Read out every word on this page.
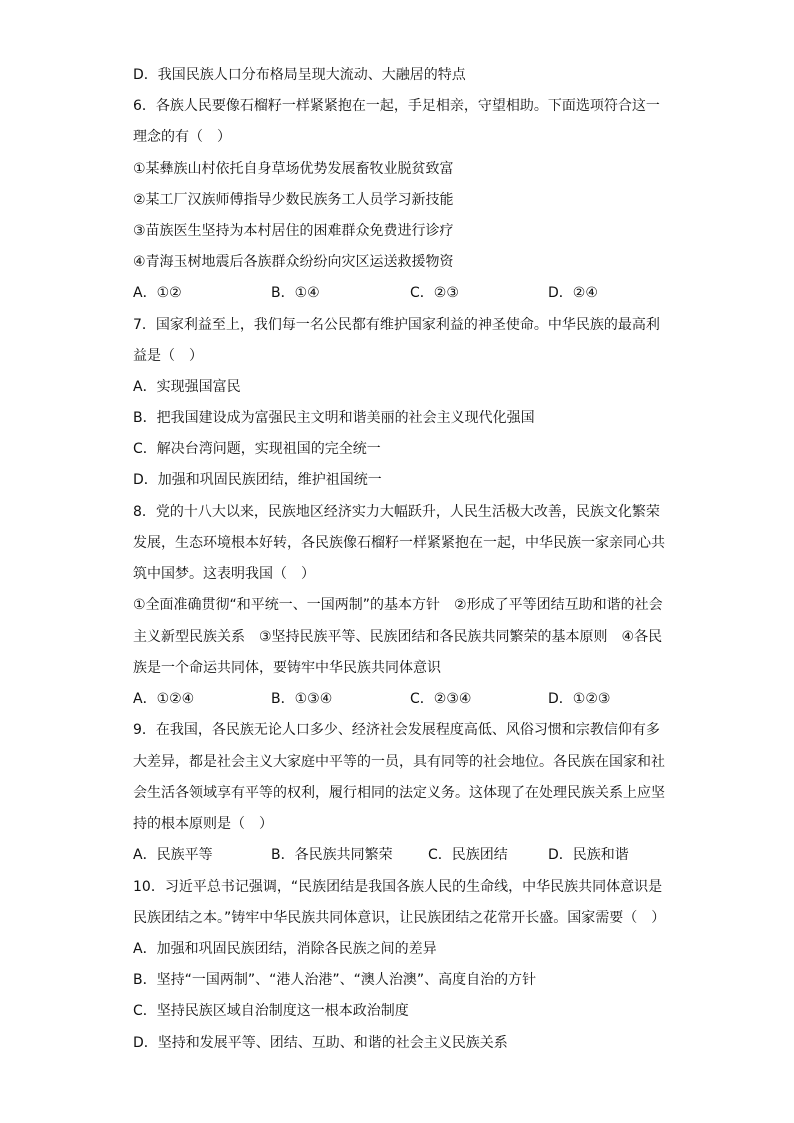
D．我国民族人口分布格局呈现大流动、大融居的特点
6．各族人民要像石榴籽一样紧紧抱在一起，手足相亲，守望相助。下面选项符合这一
理念的有（　）
①某彝族山村依托自身草场优势发展畜牧业脱贫致富
②某工厂汉族师傅指导少数民族务工人员学习新技能
③苗族医生坚持为本村居住的困难群众免费进行诊疗
④青海玉树地震后各族群众纷纷向灾区运送救援物资
A．①②	B．①④	C．②③	D．②④
7．国家利益至上，我们每一名公民都有维护国家利益的神圣使命。中华民族的最高利
益是（　）
A．实现强国富民
B．把我国建设成为富强民主文明和谐美丽的社会主义现代化强国
C．解决台湾问题，实现祖国的完全统一
D．加强和巩固民族团结，维护祖国统一
8．党的十八大以来，民族地区经济实力大幅跃升，人民生活极大改善，民族文化繁荣
发展，生态环境根本好转，各民族像石榴籽一样紧紧抱在一起，中华民族一家亲同心共
筑中国梦。这表明我国（　）
①全面准确贯彻“和平统一、一国两制”的基本方针　②形成了平等团结互助和谐的社会
主义新型民族关系　③坚持民族平等、民族团结和各民族共同繁荣的基本原则　④各民
族是一个命运共同体，要铸牢中华民族共同体意识
A．①②④	B．①③④	C．②③④	D．①②③
9．在我国，各民族无论人口多少、经济社会发展程度高低、风俗习惯和宗教信仰有多
大差异，都是社会主义大家庭中平等的一员，具有同等的社会地位。各民族在国家和社
会生活各领域享有平等的权利，履行相同的法定义务。这体现了在处理民族关系上应坚
持的根本原则是（　）
A．民族平等	B．各民族共同繁荣	C．民族团结	D．民族和谐
10．习近平总书记强调，“民族团结是我国各族人民的生命线，中华民族共同体意识是
民族团结之本。”铸牢中华民族共同体意识，让民族团结之花常开长盛。国家需要（　）
A．加强和巩固民族团结，消除各民族之间的差异
B．坚持“一国两制”、“港人治港”、“澳人治澳”、高度自治的方针
C．坚持民族区域自治制度这一根本政治制度
D．坚持和发展平等、团结、互助、和谐的社会主义民族关系
